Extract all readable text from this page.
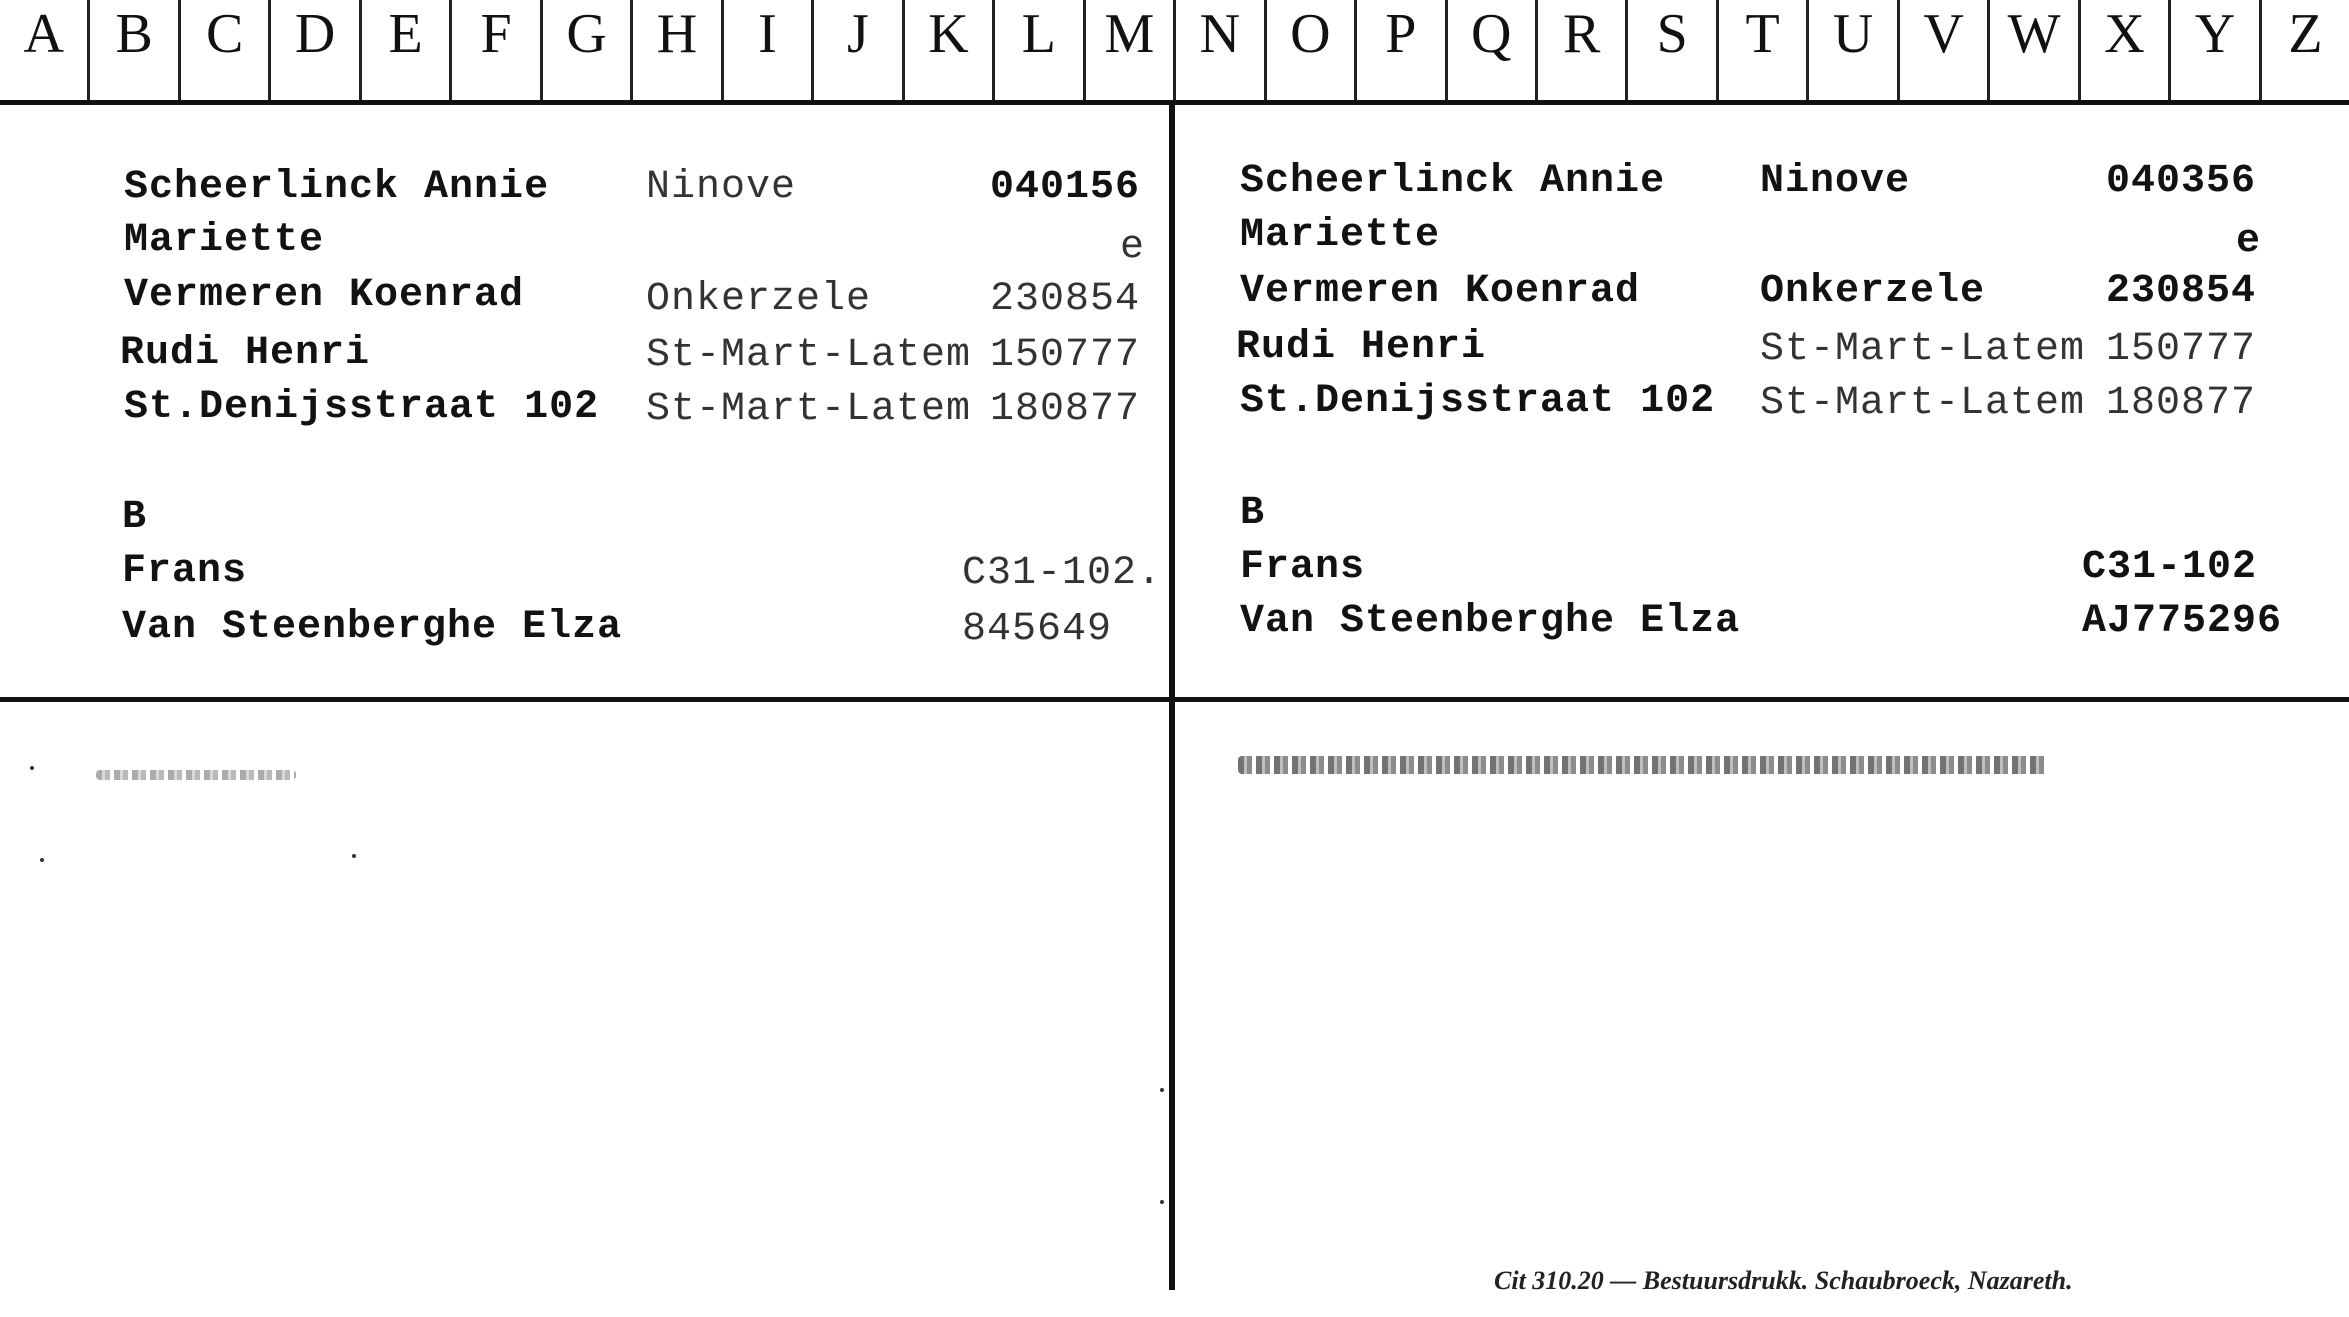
A B C D E	F G H	I	J	K L M N O P Q R	S	T U V W X Y Z
Scheerlinck Annie Ninove	040156
Mariette	e
Vermeren Koenrad	Onkerzele	230854
Rudi Henri	St-Mart-Latem 150777
St.Denijsstraat 102 St-Mart-Latem 180877
B
Frans	C31-102.
Van Steenberghe Elza	845649
Scheerlinck Annie Ninove	040356
Mariette	e
Vermeren Koenrad	Onkerzele	230854
Rudi Henri	St-Mart-Latem 150777
St.Denijsstraat 102 St-Mart-Latem 180877
B
Frans	C31-102
Van Steenberghe Elza	AJ775296
Cit 310.20 — Bestuursdrukk. Schaubroeck, Nazareth.
